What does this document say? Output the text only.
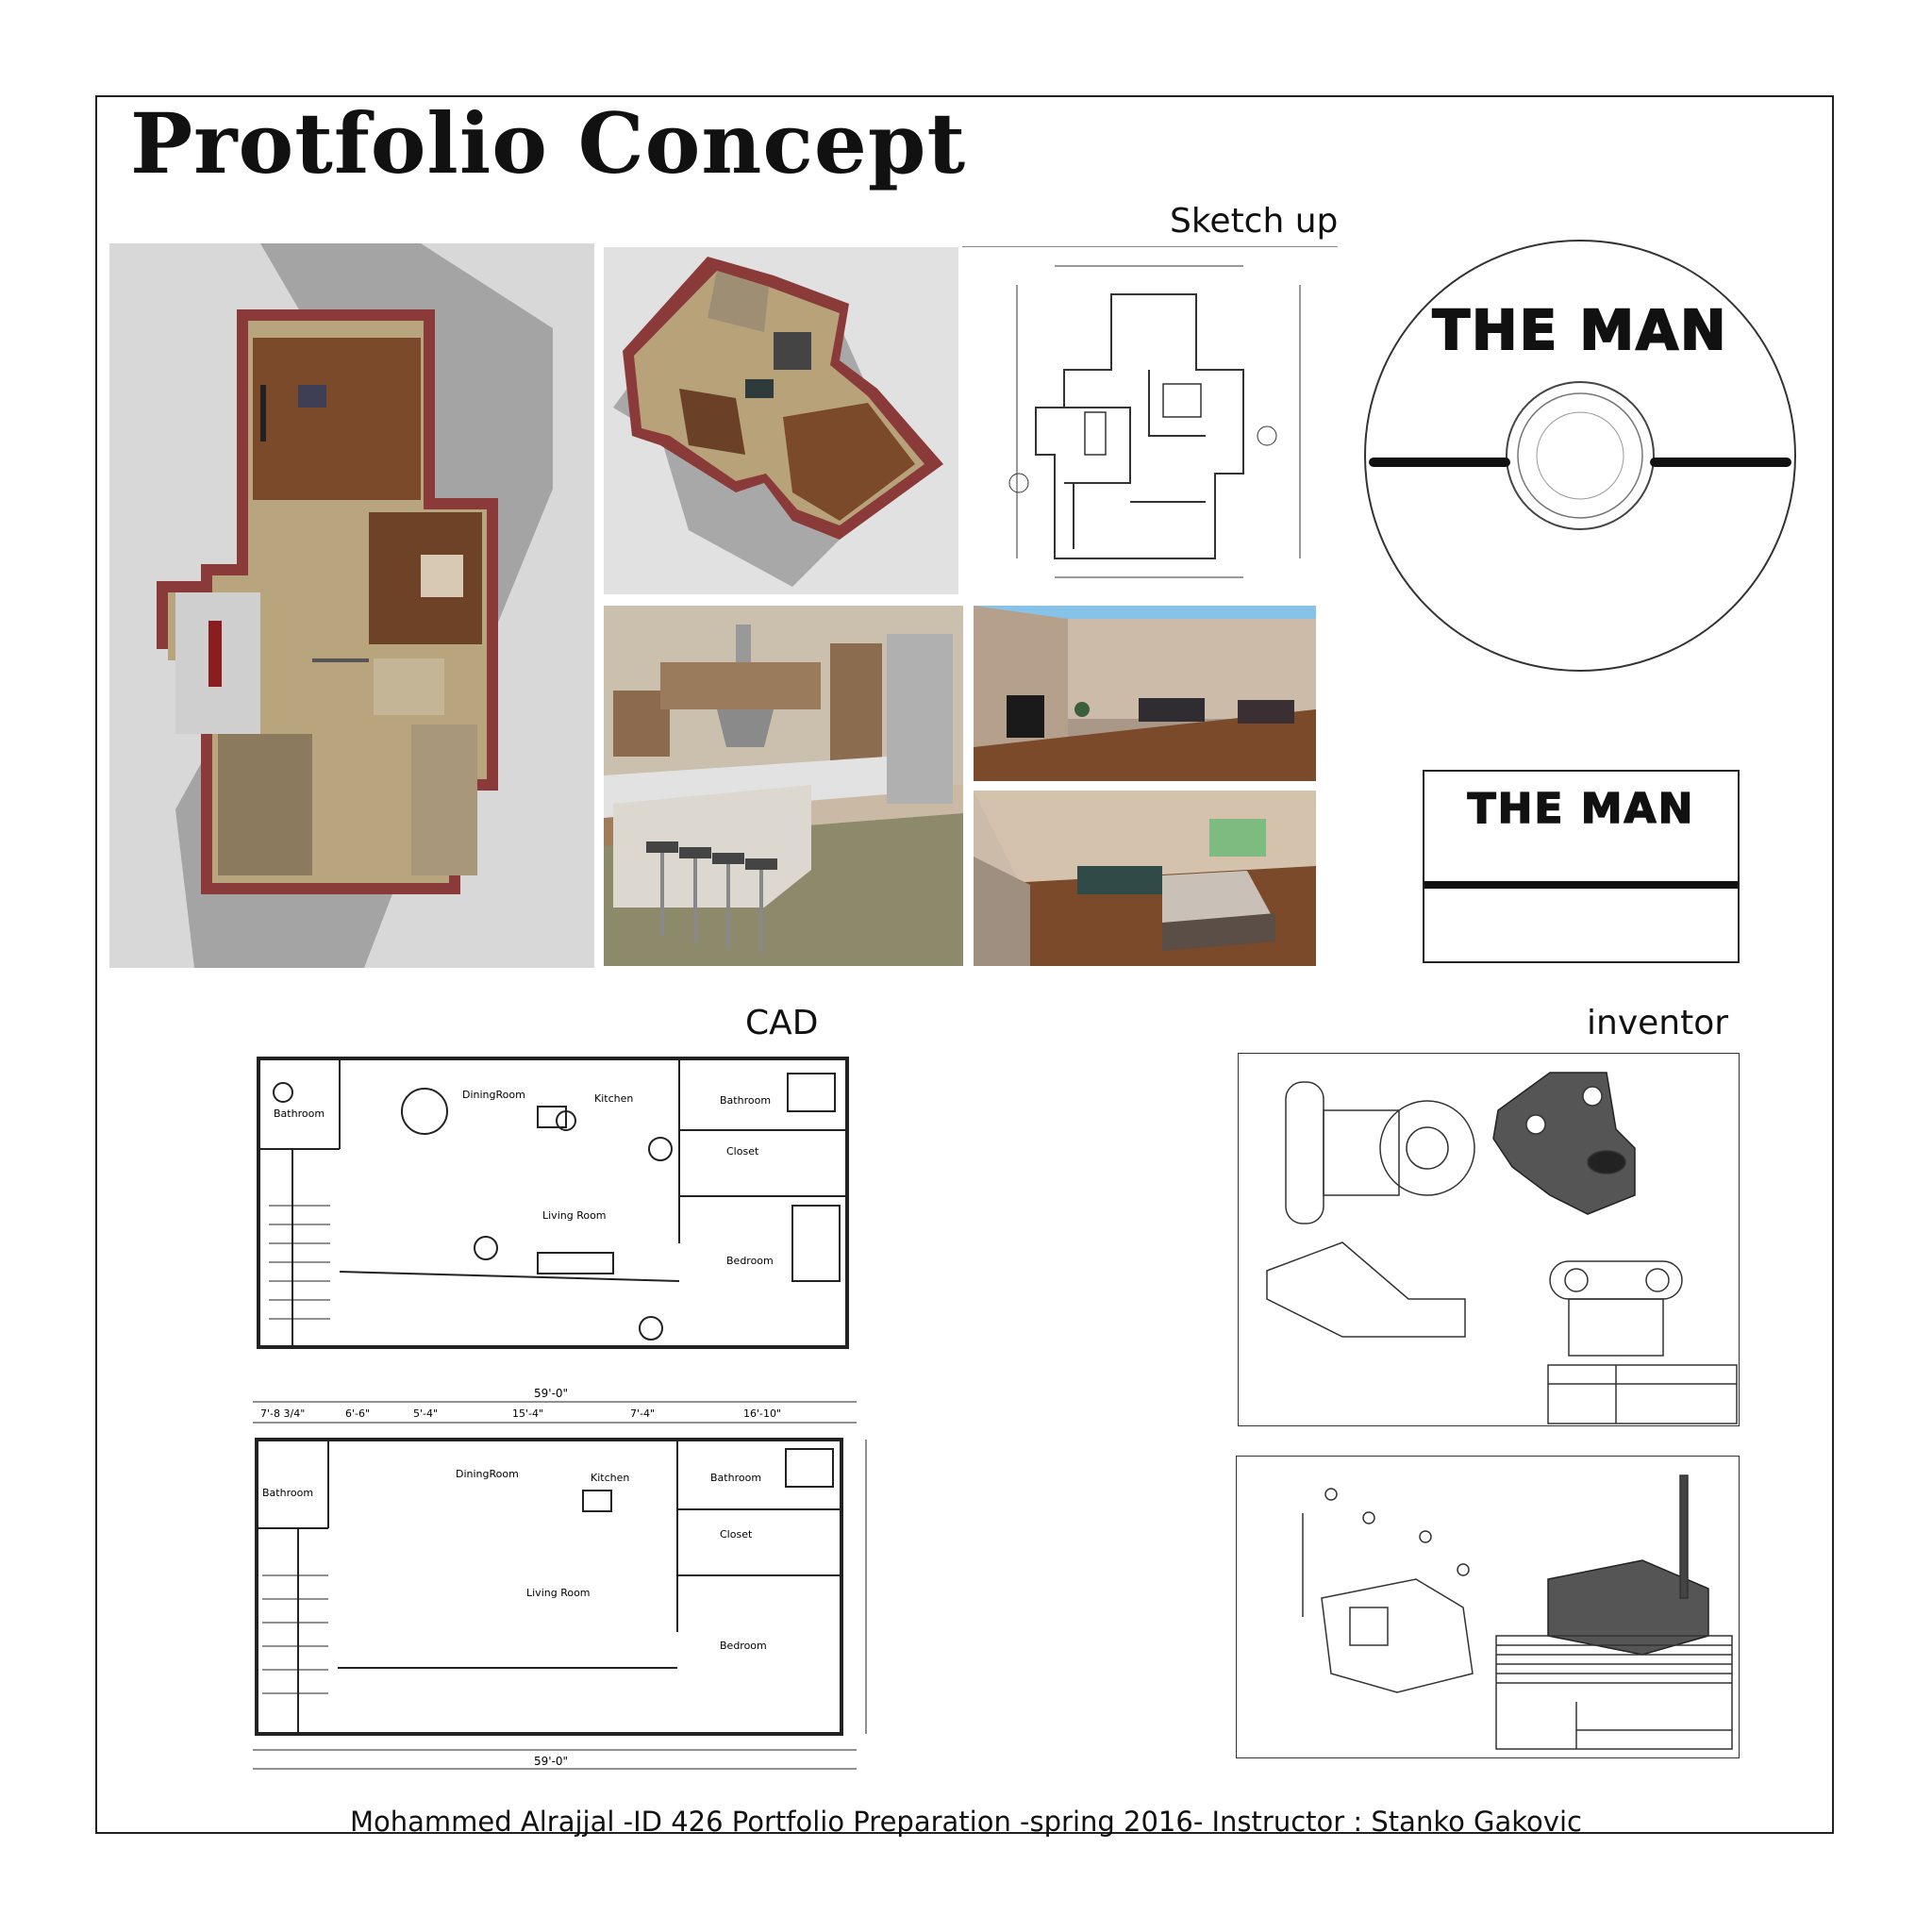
Protfolio Concept
Sketch up
CAD	inventor
THE MAN
THE MAN
Bathroom
DiningRoom	Kitchen	Bathroom
Closet
Living Room
Bedroom
59'-0"
59'-0"
7'-8 3/4"	6'-6"	5'-4"	15'-4"	7'-4"	16'-10"
Living Room
Bedroom
Bathroom
DiningRoom	Kitchen
Closet
Bathroom
Mohammed Alrajjal -ID 426 Portfolio Preparation -spring 2016- Instructor : Stanko Gakovic
